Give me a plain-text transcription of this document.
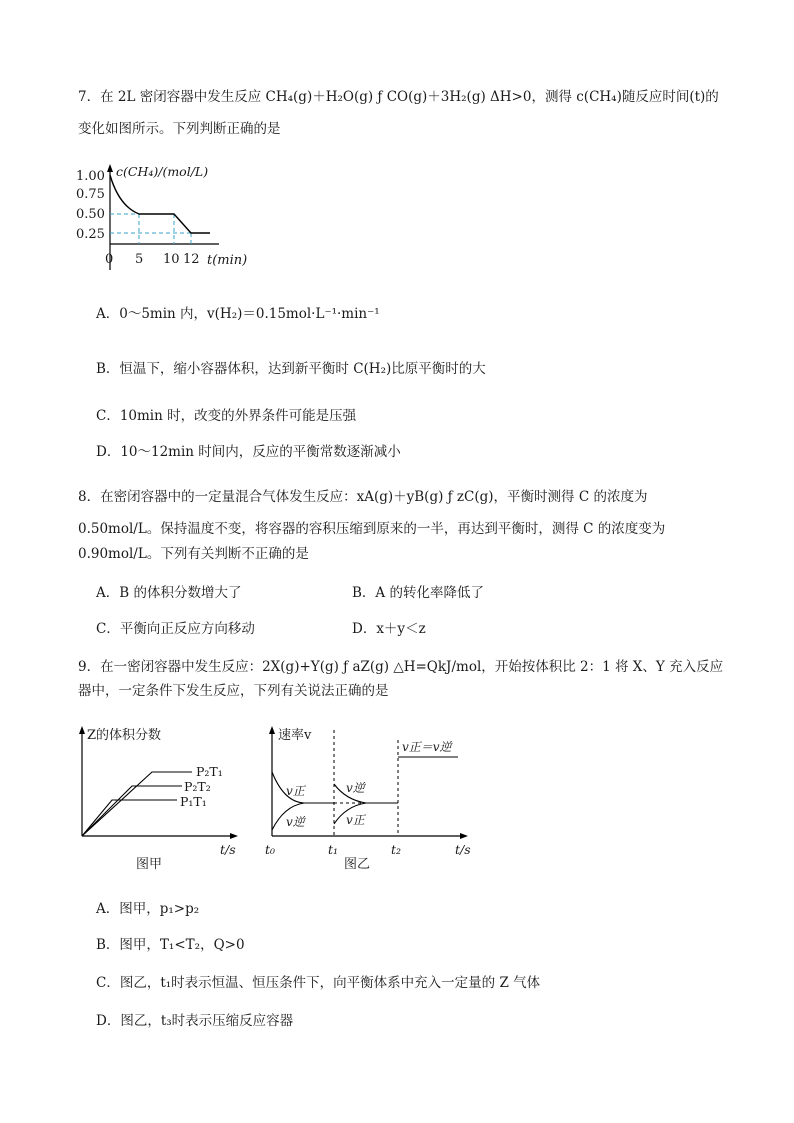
7．在 2L 密闭容器中发生反应 CH₄(g)＋H₂O(g) ƒ CO(g)＋3H₂(g) ΔH>0，测得 c(CH₄)随反应时间(t)的
变化如图所示。下列判断正确的是
1.00
0.75
0.50
0.25
c(CH₄)/(mol/L)
0 5 10 12 t(min)
A．0～5min 内，v(H₂)＝0.15mol·L⁻¹·min⁻¹
B．恒温下，缩小容器体积，达到新平衡时 C(H₂)比原平衡时的大
C．10min 时，改变的外界条件可能是压强
D．10～12min 时间内，反应的平衡常数逐渐减小
8．在密闭容器中的一定量混合气体发生反应：xA(g)＋yB(g) ƒ zC(g)，平衡时测得 C 的浓度为
0.50mol/L。保持温度不变，将容器的容积压缩到原来的一半，再达到平衡时，测得 C 的浓度变为
0.90mol/L。下列有关判断不正确的是
A．B 的体积分数增大了	B．A 的转化率降低了
C．平衡向正反应方向移动	D．x＋y＜z
9．在一密闭容器中发生反应：2X(g)+Y(g) ƒ aZ(g) △H=QkJ/mol，开始按体积比 2：1 将 X、Y 充入反应
器中，一定条件下发生反应，下列有关说法正确的是
Z的体积分数
P₂T₁
P₂T₂
P₁T₁
t/s
图甲
速率v
v正＝v逆
v正
v逆
v逆
v正
t₀	t₁	t₂	t/s
图乙
A．图甲，p₁>p₂
B．图甲，T₁<T₂，Q>0
C．图乙，t₁时表示恒温、恒压条件下，向平衡体系中充入一定量的 Z 气体
D．图乙，t₃时表示压缩反应容器
